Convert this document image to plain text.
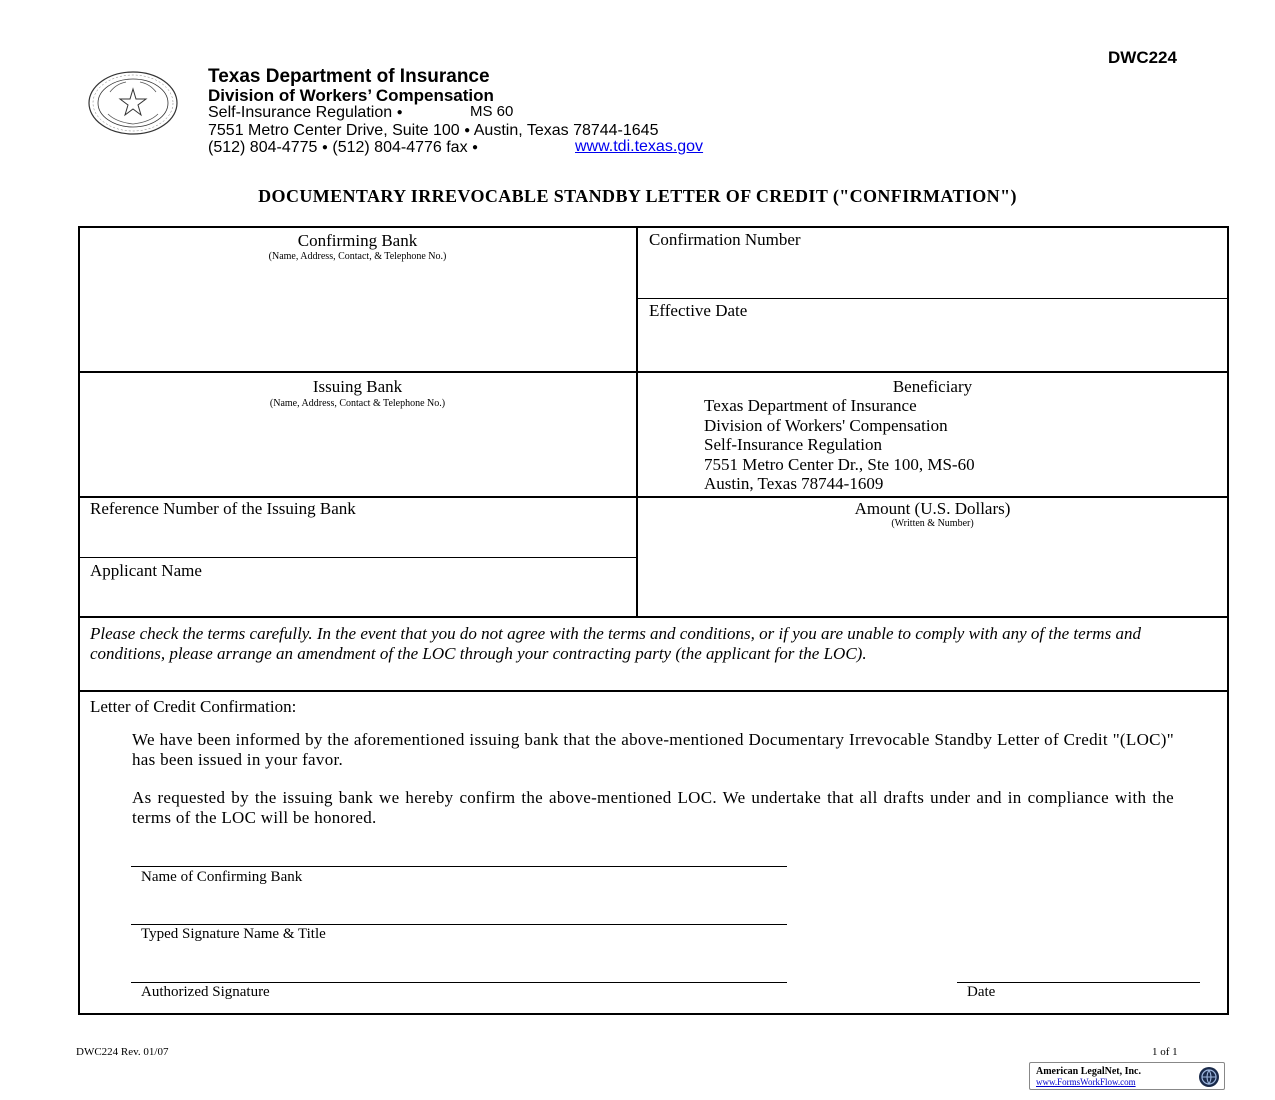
DWC224
Texas Department of Insurance
Division of Workers’ Compensation
Self-Insurance Regulation ●	MS 60
7551 Metro Center Drive, Suite 100 ● Austin, Texas 78744-1645
(512) 804-4775 ● (512) 804-4776 fax ●	www.tdi.texas.gov
DOCUMENTARY IRREVOCABLE STANDBY LETTER OF CREDIT ("CONFIRMATION")
Confirming Bank
(Name, Address, Contact, & Telephone No.)
Confirmation Number
Effective Date
Issuing Bank
(Name, Address, Contact & Telephone No.)
Beneficiary
Texas Department of Insurance
Division of Workers' Compensation
Self-Insurance Regulation
7551 Metro Center Dr., Ste 100, MS-60
Austin, Texas 78744-1609
Reference Number of the Issuing Bank
Applicant Name
Amount (U.S. Dollars)
(Written & Number)
Please check the terms carefully. In the event that you do not agree with the terms and conditions, or if you are unable to comply with any of the terms and conditions, please arrange an amendment of the LOC through your contracting party (the applicant for the LOC).
Letter of Credit Confirmation:
We have been informed by the aforementioned issuing bank that the above-mentioned Documentary Irrevocable Standby Letter of Credit "(LOC)" has been issued in your favor.
As requested by the issuing bank we hereby confirm the above-mentioned LOC. We undertake that all drafts under and in compliance with the terms of the LOC will be honored.
Name of Confirming Bank
Typed Signature Name & Title
Authorized Signature	Date
DWC224 Rev. 01/07	1 of 1
American LegalNet, Inc.
www.FormsWorkFlow.com
